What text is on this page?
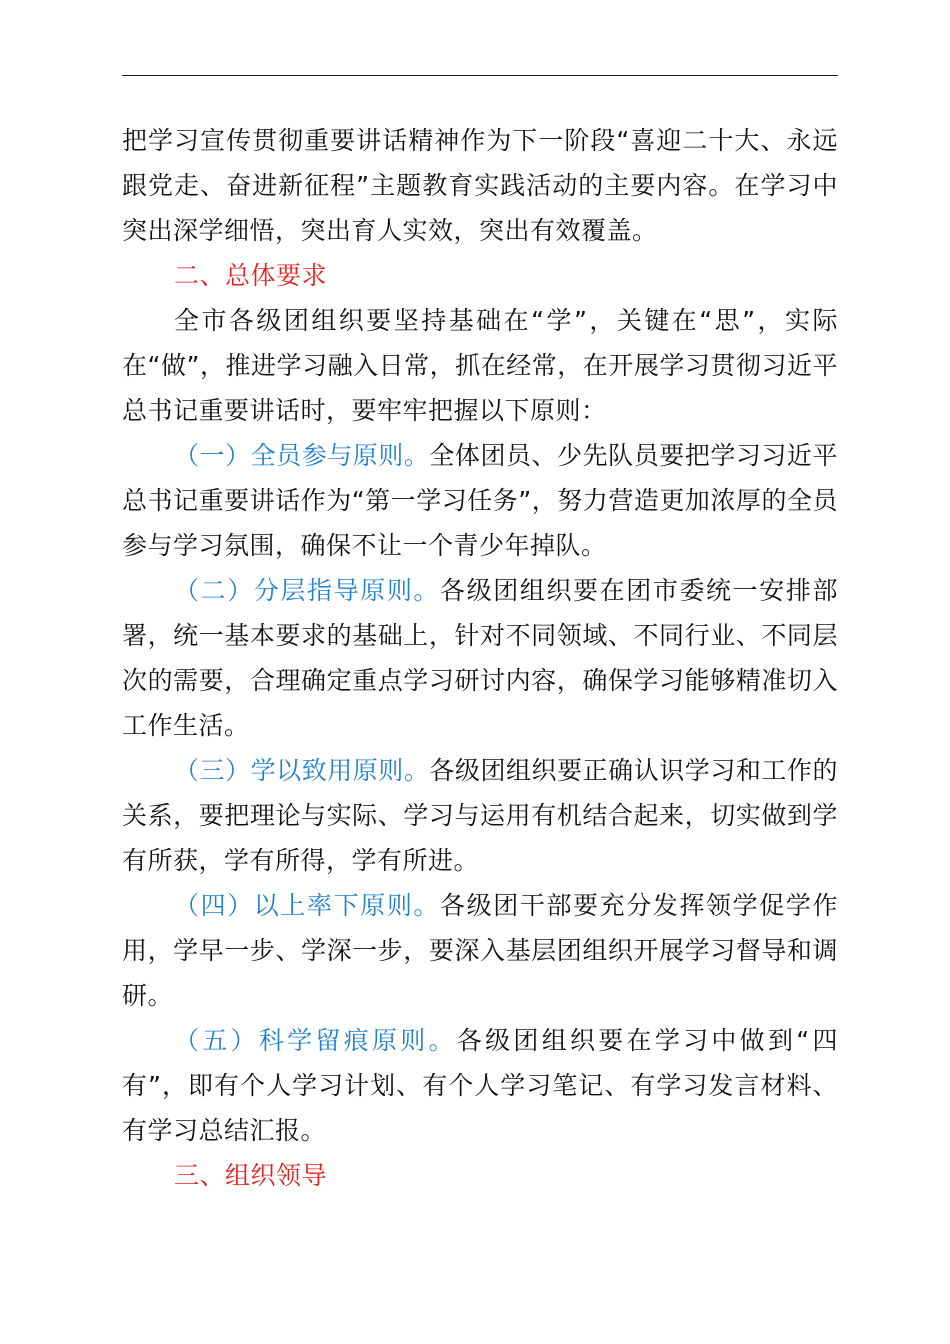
把学习宣传贯彻重要讲话精神作为下一阶段“喜迎二十大、永远跟党走、奋进新征程”主题教育实践活动的主要内容。在学习中突出深学细悟，突出育人实效，突出有效覆盖。

二、总体要求

全市各级团组织要坚持基础在“学”，关键在“思”，实际在“做”，推进学习融入日常，抓在经常，在开展学习贯彻习近平总书记重要讲话时，要牢牢把握以下原则：

（一）全员参与原则。全体团员、少先队员要把学习习近平总书记重要讲话作为“第一学习任务”，努力营造更加浓厚的全员参与学习氛围，确保不让一个青少年掉队。

（二）分层指导原则。各级团组织要在团市委统一安排部署，统一基本要求的基础上，针对不同领域、不同行业、不同层次的需要，合理确定重点学习研讨内容，确保学习能够精准切入工作生活。

（三）学以致用原则。各级团组织要正确认识学习和工作的关系，要把理论与实际、学习与运用有机结合起来，切实做到学有所获，学有所得，学有所进。

（四）以上率下原则。各级团干部要充分发挥领学促学作用，学早一步、学深一步，要深入基层团组织开展学习督导和调研。

（五）科学留痕原则。各级团组织要在学习中做到“四有”，即有个人学习计划、有个人学习笔记、有学习发言材料、有学习总结汇报。

三、组织领导
